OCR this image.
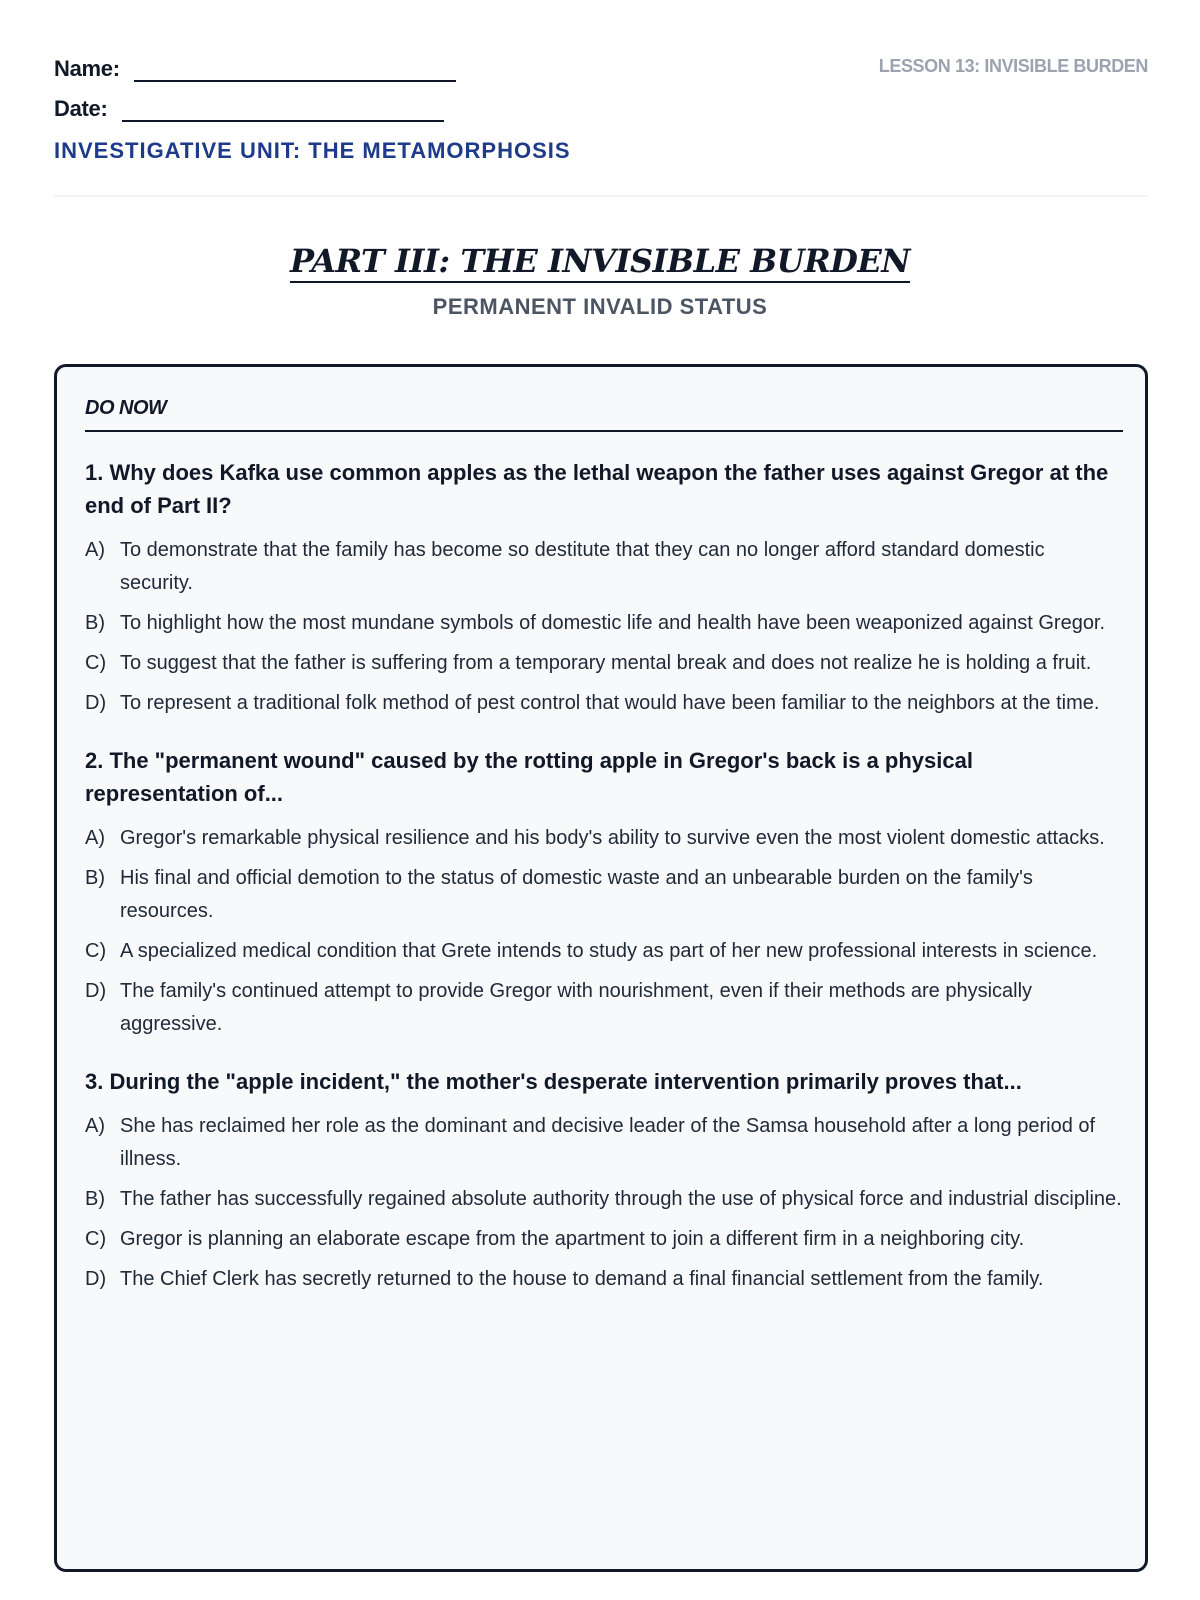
Name:
Date:
INVESTIGATIVE UNIT: THE METAMORPHOSIS
LESSON 13: INVISIBLE BURDEN
PART III: THE INVISIBLE BURDEN
PERMANENT INVALID STATUS
DO NOW
1. Why does Kafka use common apples as the lethal weapon the father uses against Gregor at the end of Part II?
A) To demonstrate that the family has become so destitute that they can no longer afford standard domestic security.
B) To highlight how the most mundane symbols of domestic life and health have been weaponized against Gregor.
C) To suggest that the father is suffering from a temporary mental break and does not realize he is holding a fruit.
D) To represent a traditional folk method of pest control that would have been familiar to the neighbors at the time.
2. The "permanent wound" caused by the rotting apple in Gregor's back is a physical representation of...
A) Gregor's remarkable physical resilience and his body's ability to survive even the most violent domestic attacks.
B) His final and official demotion to the status of domestic waste and an unbearable burden on the family's resources.
C) A specialized medical condition that Grete intends to study as part of her new professional interests in science.
D) The family's continued attempt to provide Gregor with nourishment, even if their methods are physically aggressive.
3. During the "apple incident," the mother's desperate intervention primarily proves that...
A) She has reclaimed her role as the dominant and decisive leader of the Samsa household after a long period of illness.
B) The father has successfully regained absolute authority through the use of physical force and industrial discipline.
C) Gregor is planning an elaborate escape from the apartment to join a different firm in a neighboring city.
D) The Chief Clerk has secretly returned to the house to demand a final financial settlement from the family.
